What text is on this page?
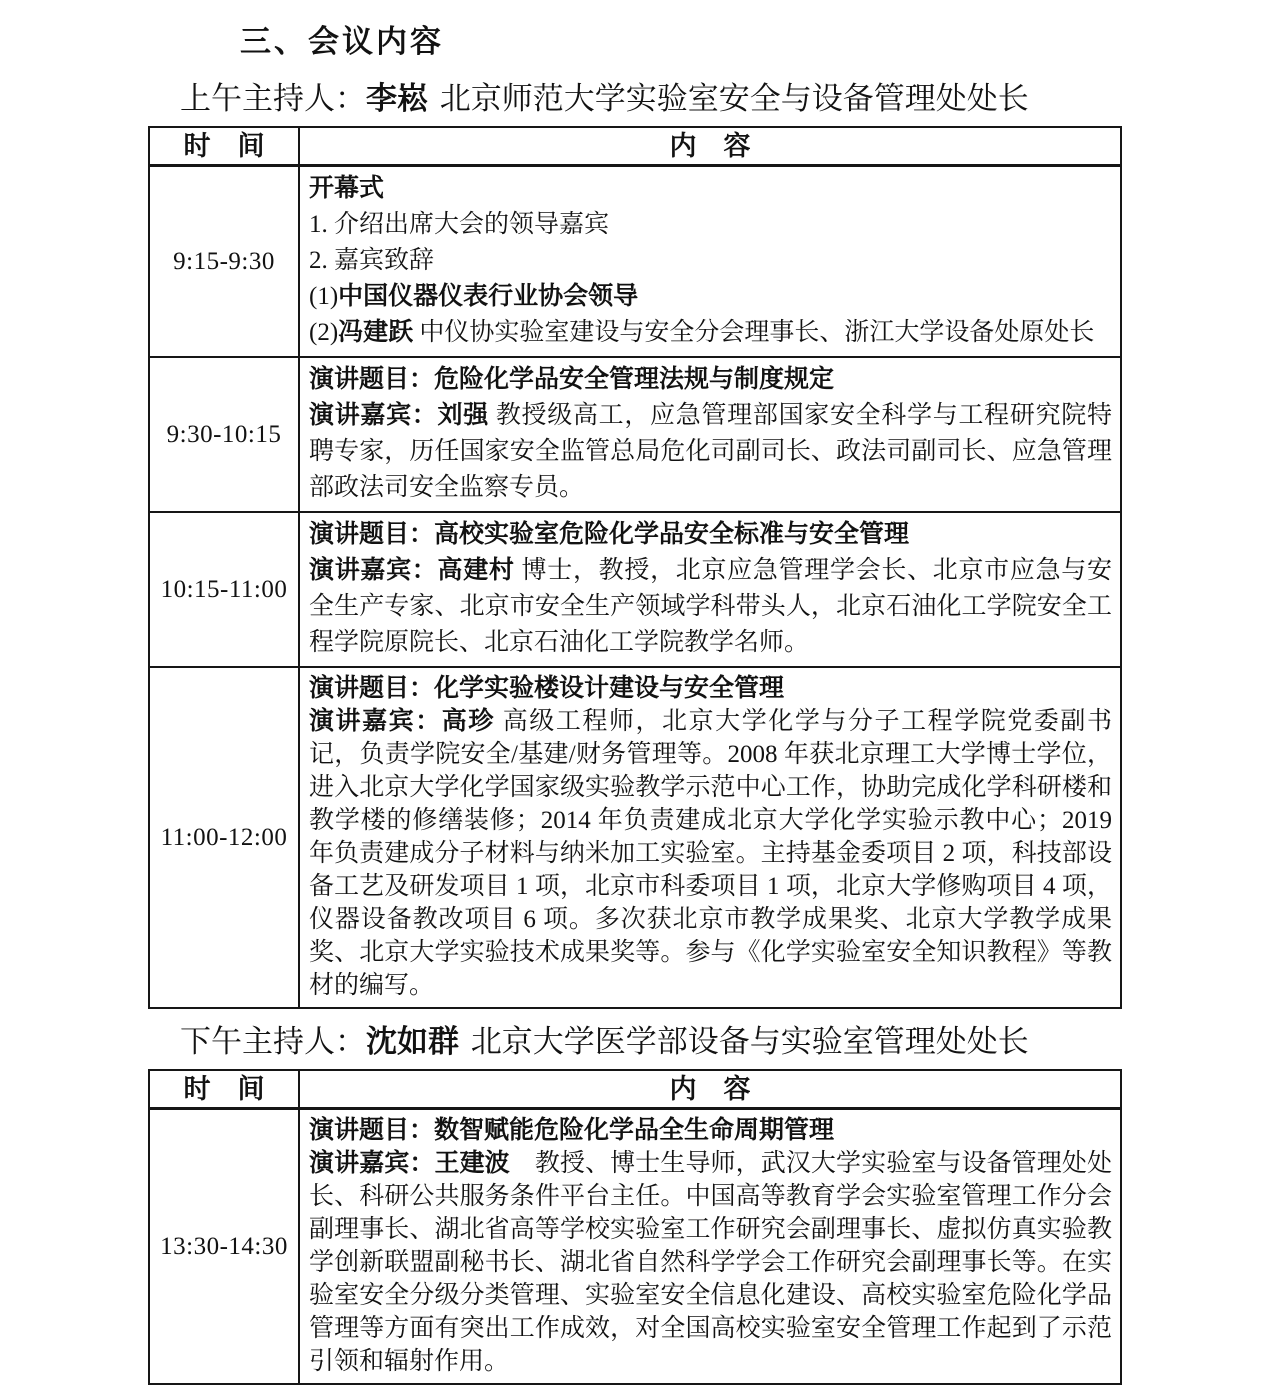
三、会议内容
上午主持人：李崧 北京师范大学实验室安全与设备管理处处长
时　间	内　容
9:15-9:30	开幕式

1. 介绍出席大会的领导嘉宾

2. 嘉宾致辞

(1)中国仪器仪表行业协会领导

(2)冯建跃 中仪协实验室建设与安全分会理事长、浙江大学设备处原处长

9:30-10:15	演讲题目：危险化学品安全管理法规与制度规定

演讲嘉宾：刘强 教授级高工，应急管理部国家安全科学与工程研究院特聘专家，历任国家安全监管总局危化司副司长、政法司副司长、应急管理部政法司安全监察专员。

10:15-11:00	演讲题目：高校实验室危险化学品安全标准与安全管理

演讲嘉宾：高建村 博士，教授，北京应急管理学会长、北京市应急与安全生产专家、北京市安全生产领域学科带头人，北京石油化工学院安全工程学院原院长、北京石油化工学院教学名师。

11:00-12:00	演讲题目：化学实验楼设计建设与安全管理

演讲嘉宾：高珍 高级工程师，北京大学化学与分子工程学院党委副书记，负责学院安全/基建/财务管理等。2008 年获北京理工大学博士学位，进入北京大学化学国家级实验教学示范中心工作，协助完成化学科研楼和教学楼的修缮装修；2014 年负责建成北京大学化学实验示教中心；2019 年负责建成分子材料与纳米加工实验室。主持基金委项目 2 项，科技部设备工艺及研发项目 1 项，北京市科委项目 1 项，北京大学修购项目 4 项，仪器设备教改项目 6 项。多次获北京市教学成果奖、北京大学教学成果奖、北京大学实验技术成果奖等。参与《化学实验室安全知识教程》等教材的编写。

下午主持人：沈如群 北京大学医学部设备与实验室管理处处长
时　间	内　容
13:30-14:30	演讲题目：数智赋能危险化学品全生命周期管理

演讲嘉宾：王建波　教授、博士生导师，武汉大学实验室与设备管理处处长、科研公共服务条件平台主任。中国高等教育学会实验室管理工作分会副理事长、湖北省高等学校实验室工作研究会副理事长、虚拟仿真实验教学创新联盟副秘书长、湖北省自然科学学会工作研究会副理事长等。在实验室安全分级分类管理、实验室安全信息化建设、高校实验室危险化学品管理等方面有突出工作成效，对全国高校实验室安全管理工作起到了示范引领和辐射作用。
